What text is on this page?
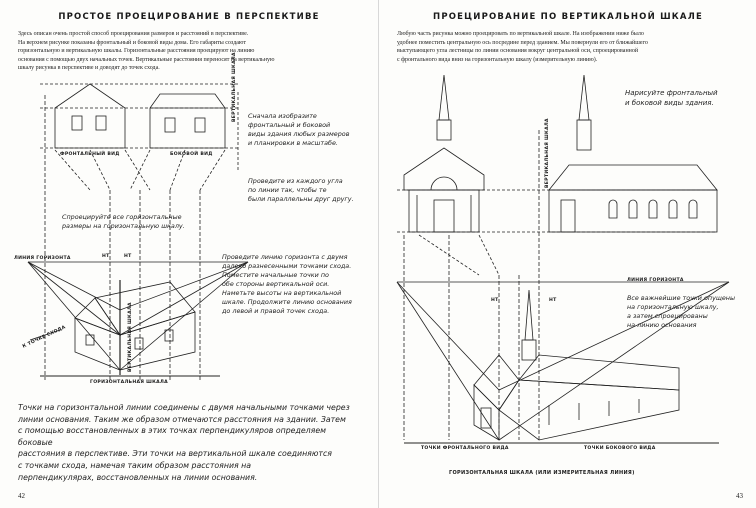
ПРОСТОЕ ПРОЕЦИРОВАНИЕ В ПЕРСПЕКТИВЕ
Здесь описан очень простой способ проецирования размеров и расстояний в перспективе.
На верхнем рисунке показаны фронтальный и боковой виды дома. Его габариты создают
горизонтальную и вертикальную шкалы. Горизонтальные расстояния проецируют на линию
основания с помощью двух начальных точек. Вертикальные расстояния переносят на вертикальную
шкалу рисунка в перспективе и доводят до точек схода.	ВЕРТИКАЛЬНАЯ ШКАЛА
ФРОНТАЛЬНЫЙ ВИД	БОКОВОЙ ВИД
ЛИНИЯ ГОРИЗОНТА	НТ	НТ
ГОРИЗОНТАЛЬНАЯ ШКАЛА
К ТОЧКЕ СХОДА	ВЕРТИКАЛЬНАЯ ШКАЛА
Сначала изобразите
фронтальный и боковой
виды здания любых размеров
и планировки в масштабе.
Проведите из каждого угла
по линии так, чтобы те
были параллельны друг другу.
Спроецируйте все горизонтальные
размеры на горизонтальную шкалу.
Проведите линию горизонта с двумя
далеко разнесенными точками схода.
Поместите начальные точки по
обе стороны вертикальной оси.
Наметьте высоты на вертикальной
шкале. Продолжите линию основания
до левой и правой точек схода.
Точки на горизонтальной линии соединены с двумя начальными точками через
линии основания. Таким же образом отмечаются расстояния на здании. Затем
с помощью восстановленных в этих точках перпендикуляров определяем боковые
расстояния в перспективе. Эти точки на вертикальной шкале соединяются
с точками схода, намечая таким образом расстояния на
перпендикулярах, восстановленных на линии основания.
42
ПРОЕЦИРОВАНИЕ ПО ВЕРТИКАЛЬНОЙ ШКАЛЕ
Любую часть рисунка можно проецировать по вертикальной шкале. На изображении ниже было
удобнее поместить центральную ось посредине перед зданием. Мы повернули его от ближайшего
выступающего угла лестницы по линии основания вокруг центральной оси, спроецированной
с фронтального вида вниз на горизонтальную шкалу (измерительную линию).
ВЕРТИКАЛЬНАЯ ШКАЛА
ЛИНИЯ ГОРИЗОНТА
НТ	НТ
ТОЧКИ ФРОНТАЛЬНОГО ВИДА	ТОЧКИ БОКОВОГО ВИДА
ГОРИЗОНТАЛЬНАЯ ШКАЛА (ИЛИ ИЗМЕРИТЕЛЬНАЯ ЛИНИЯ)
Нарисуйте фронтальный
и боковой виды здания.
Все важнейшие точки опущены
на горизонтальную шкалу,
а затем спроецированы
на линию основания
43
